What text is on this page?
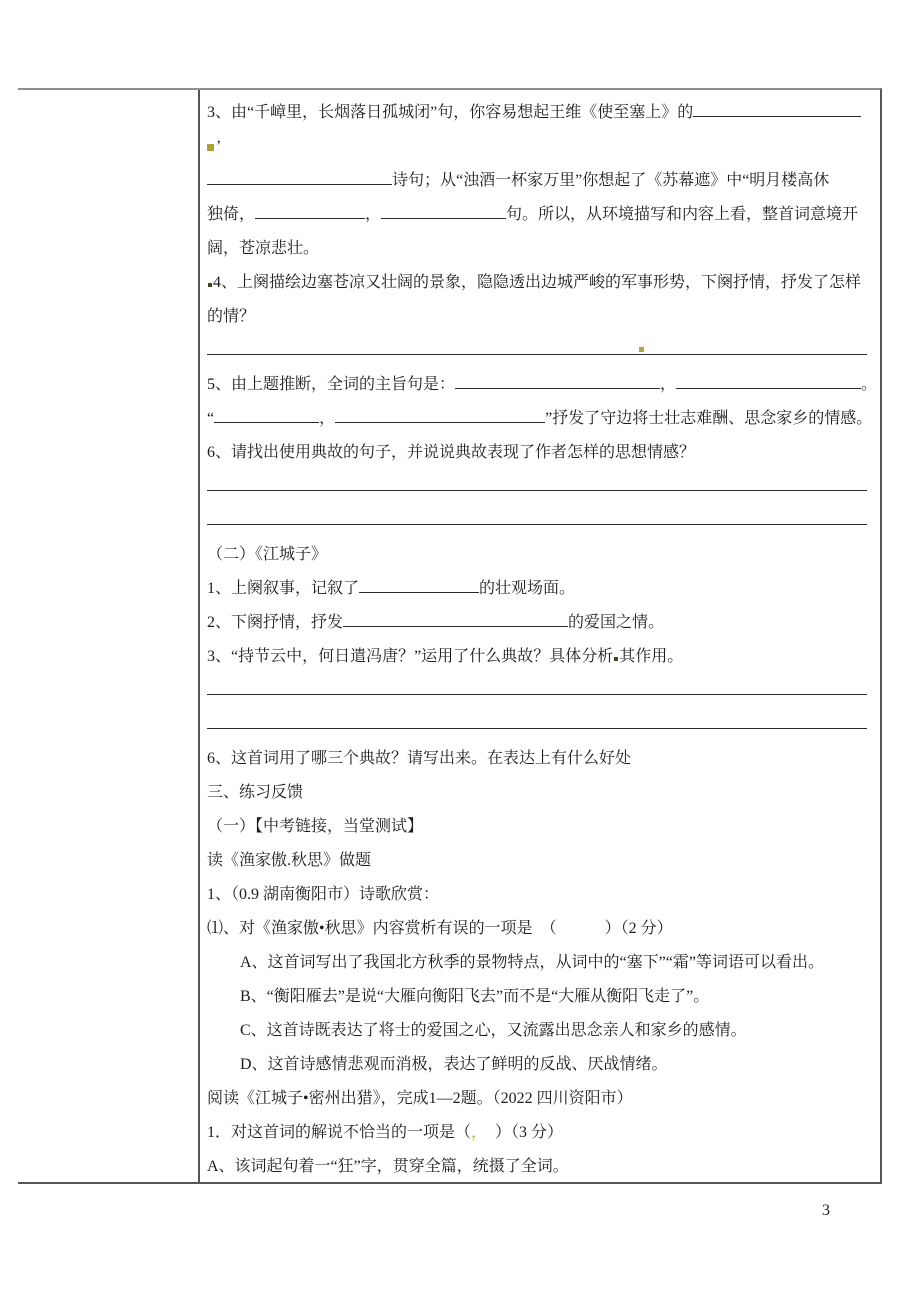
3、由“千嶂里，长烟落日孤城闭”句，你容易想起王维《使至塞上》的

’

诗句；从“浊酒一杯家万里”你想起了《苏幕遮》中“明月楼高休

独倚，	，	句。所以，从环境描写和内容上看，整首词意境开

阔，苍凉悲壮。

4、上阕描绘边塞苍凉又壮阔的景象，隐隐透出边城严峻的军事形势，下阕抒情，抒发了怎样

的情？

5、由上题推断，全词的主旨句是：	，	。

“	，	”抒发了守边将士壮志难酬、思念家乡的情感。

6、请找出使用典故的句子，并说说典故表现了作者怎样的思想情感？

（二）《江城子》

1、上阕叙事，记叙了	的壮观场面。

2、下阕抒情，抒发	的爱国之情。

3、“持节云中，何日遣冯唐？”运用了什么典故？具体分析 其作用。

6、这首词用了哪三个典故？请写出来。在表达上有什么好处

三、练习反馈

（一）【中考链接，当堂测试】

读《渔家傲.秋思》做题

1、（0.9 湖南衡阳市）诗歌欣赏：

⑴、对《渔家傲•秋思》内容赏析有误的一项是　（　　　）（2 分）

A、这首词写出了我国北方秋季的景物特点，从词中的“塞下”“霜”等词语可以看出。

B、“衡阳雁去”是说“大雁向衡阳飞去”而不是“大雁从衡阳飞走了”。

C、这首诗既表达了将士的爱国之心，又流露出思念亲人和家乡的感情。

D、这首诗感情悲观而消极，表达了鲜明的反战、厌战情绪。

阅读《江城子•密州出猎》，完成1—2题。（2022 四川资阳市）

1．对这首词的解说不恰当的一项是（，　）（3 分）

A、该词起句着一“狂”字，贯穿全篇，统摄了全词。

3
